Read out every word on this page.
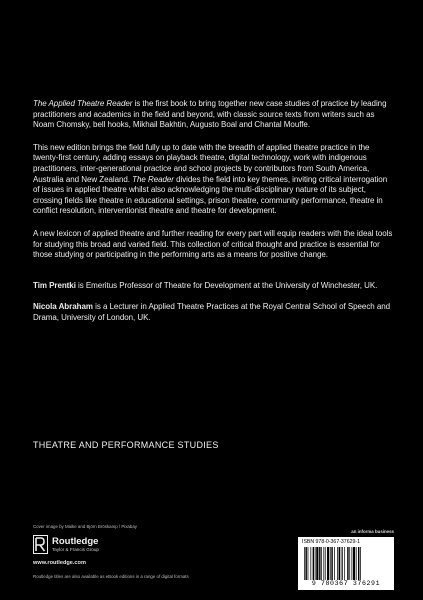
The Applied Theatre Reader is the first book to bring together new case studies of practice by leading practitioners and academics in the field and beyond, with classic source texts from writers such as Noam Chomsky, bell hooks, Mikhail Bakhtin, Augusto Boal and Chantal Mouffe.

This new edition brings the field fully up to date with the breadth of applied theatre practice in the twenty-first century, adding essays on playback theatre, digital technology, work with indigenous practitioners, inter-generational practice and school projects by contributors from South America, Australia and New Zealand. The Reader divides the field into key themes, inviting critical interrogation of issues in applied theatre whilst also acknowledging the multi-disciplinary nature of its subject, crossing fields like theatre in educational settings, prison theatre, community performance, theatre in conflict resolution, interventionist theatre and theatre for development.

A new lexicon of applied theatre and further reading for every part will equip readers with the ideal tools for studying this broad and varied field. This collection of critical thought and practice is essential for those studying or participating in the performing arts as a means for positive change.

Tim Prentki is Emeritus Professor of Theatre for Development at the University of Winchester, UK.

Nicola Abraham is a Lecturer in Applied Theatre Practices at the Royal Central School of Speech and Drama, University of London, UK.

THEATRE AND PERFORMANCE STUDIES
Cover image by Maike and Björn Bröskamp / Pixabay
Routledge
Taylor & Francis Group
www.routledge.com
Routledge titles are also available as eBook editions in a range of digital formats
an informa business
ISBN 978-0-367-37629-1
9 780367 376291
